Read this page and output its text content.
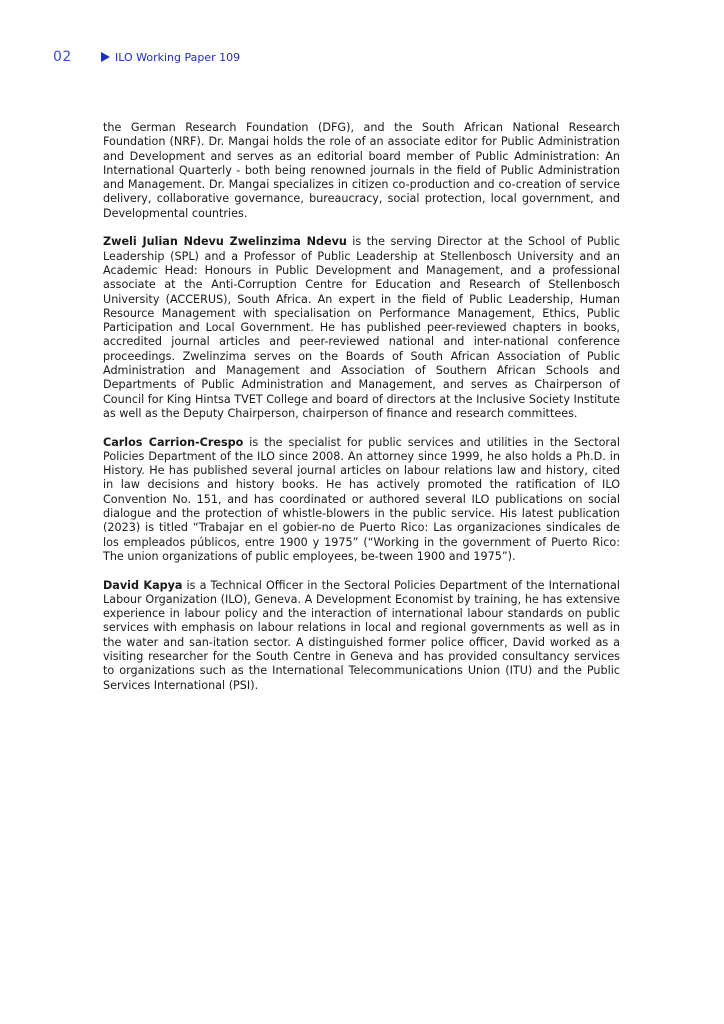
02	ILO Working Paper 109

the German Research Foundation (DFG), and the South African National Research Foundation (NRF). Dr. Mangai holds the role of an associate editor for Public Administration and Development and serves as an editorial board member of Public Administration: An International Quarterly - both being renowned journals in the field of Public Administration and Management. Dr. Mangai specializes in citizen co-production and co-creation of service delivery, collaborative governance, bureaucracy, social protection, local government, and Developmental countries.

Zweli Julian Ndevu Zwelinzima Ndevu is the serving Director at the School of Public Leadership (SPL) and a Professor of Public Leadership at Stellenbosch University and an Academic Head: Honours in Public Development and Management, and a professional associate at the Anti-Corruption Centre for Education and Research of Stellenbosch University (ACCERUS), South Africa. An expert in the field of Public Leadership, Human Resource Management with specialisation on Performance Management, Ethics, Public Participation and Local Government. He has published peer-reviewed chapters in books, accredited journal articles and peer-reviewed national and inter-national conference proceedings. Zwelinzima serves on the Boards of South African Association of Public Administration and Management and Association of Southern African Schools and Departments of Public Administration and Management, and serves as Chairperson of Council for King Hintsa TVET College and board of directors at the Inclusive Society Institute as well as the Deputy Chairperson, chairperson of finance and research committees.

Carlos Carrion-Crespo is the specialist for public services and utilities in the Sectoral Policies Department of the ILO since 2008. An attorney since 1999, he also holds a Ph.D. in History. He has published several journal articles on labour relations law and history, cited in law decisions and history books. He has actively promoted the ratification of ILO Convention No. 151, and has coordinated or authored several ILO publications on social dialogue and the protection of whistle-blowers in the public service. His latest publication (2023) is titled “Trabajar en el gobier-no de Puerto Rico: Las organizaciones sindicales de los empleados públicos, entre 1900 y 1975” (“Working in the government of Puerto Rico: The union organizations of public employees, be-tween 1900 and 1975”).

David Kapya is a Technical Officer in the Sectoral Policies Department of the International Labour Organization (ILO), Geneva. A Development Economist by training, he has extensive experience in labour policy and the interaction of international labour standards on public services with emphasis on labour relations in local and regional governments as well as in the water and san-itation sector. A distinguished former police officer, David worked as a visiting researcher for the South Centre in Geneva and has provided consultancy services to organizations such as the International Telecommunications Union (ITU) and the Public Services International (PSI).
